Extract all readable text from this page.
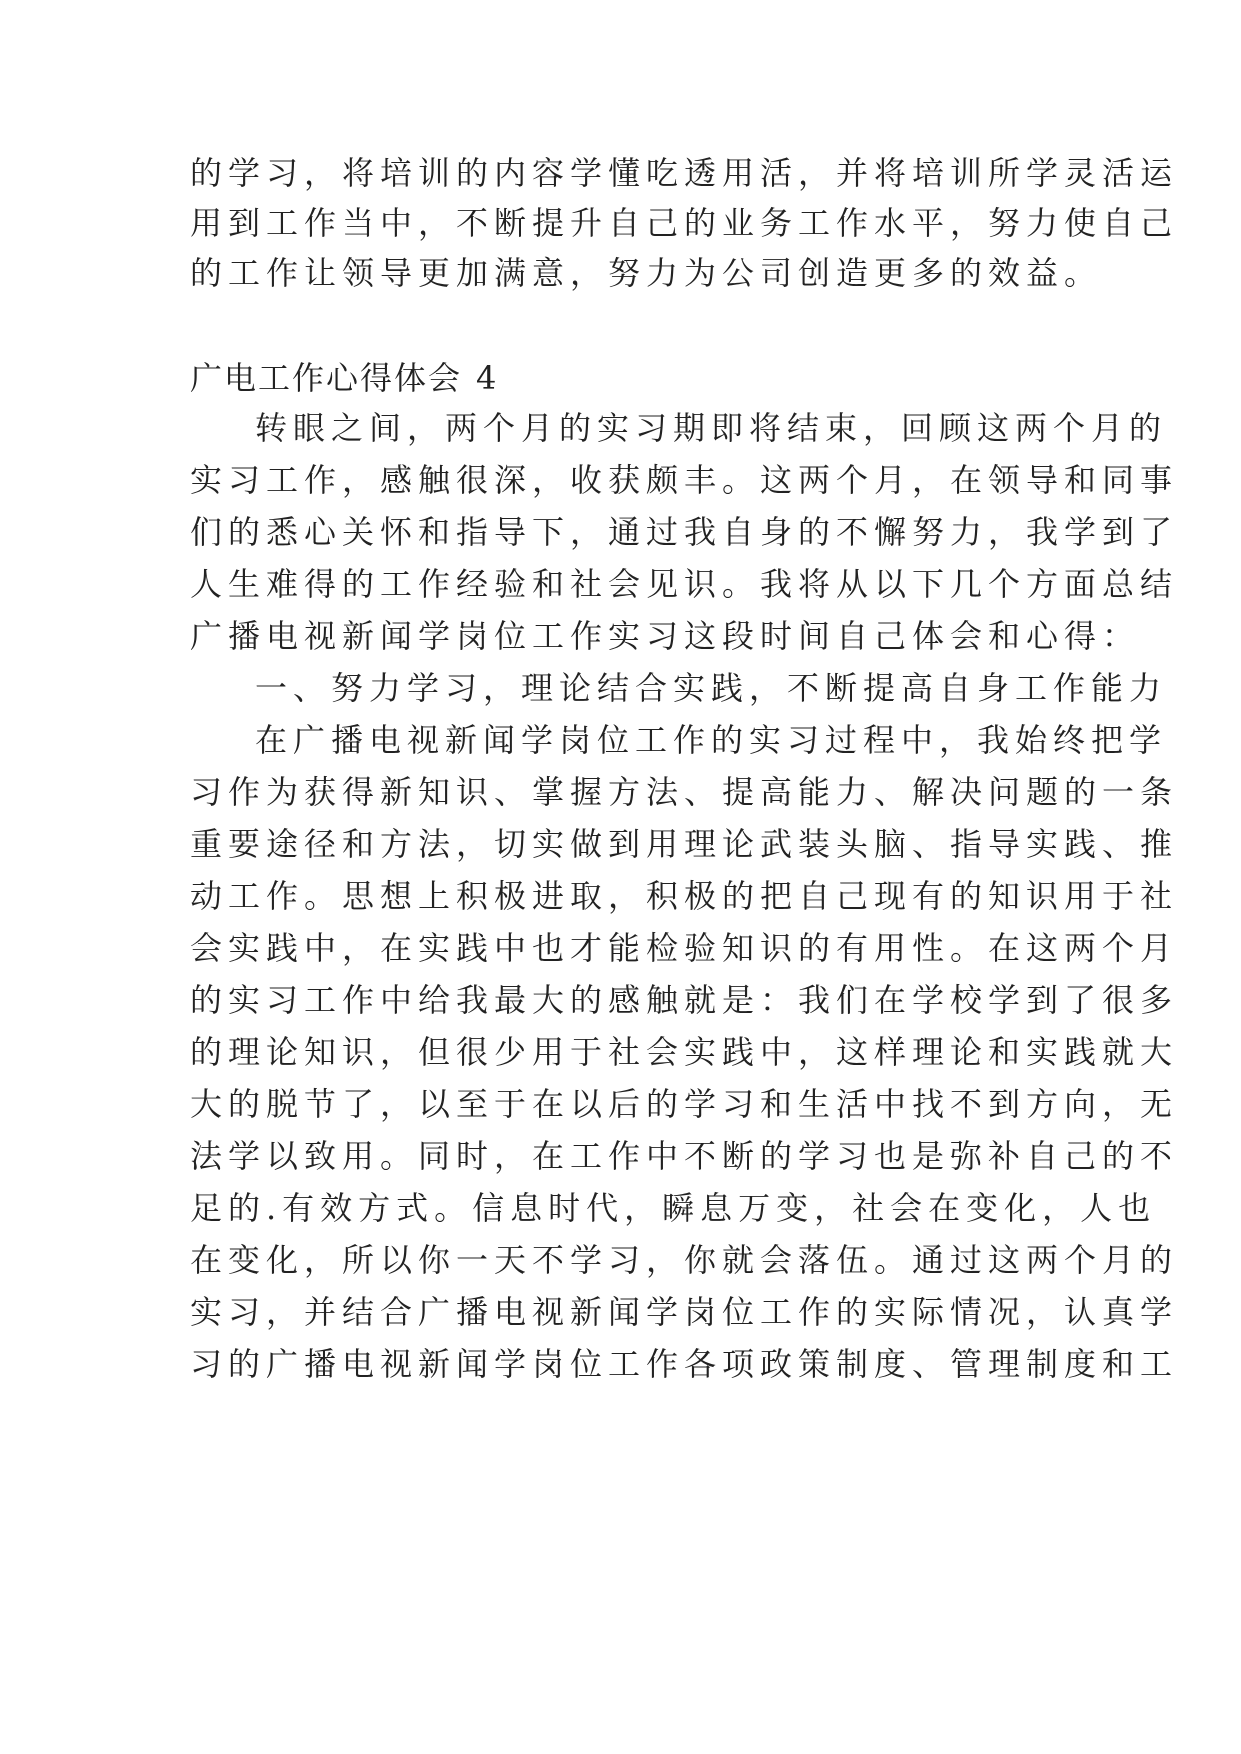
的学习，将培训的内容学懂吃透用活，并将培训所学灵活运
用到工作当中，不断提升自己的业务工作水平，努力使自己
的工作让领导更加满意，努力为公司创造更多的效益。
广电工作心得体会 4
转眼之间，两个月的实习期即将结束，回顾这两个月的
实习工作，感触很深，收获颇丰。这两个月，在领导和同事
们的悉心关怀和指导下，通过我自身的不懈努力，我学到了
人生难得的工作经验和社会见识。我将从以下几个方面总结
广播电视新闻学岗位工作实习这段时间自己体会和心得：
一、努力学习，理论结合实践，不断提高自身工作能力
在广播电视新闻学岗位工作的实习过程中，我始终把学
习作为获得新知识、掌握方法、提高能力、解决问题的一条
重要途径和方法，切实做到用理论武装头脑、指导实践、推
动工作。思想上积极进取，积极的把自己现有的知识用于社
会实践中，在实践中也才能检验知识的有用性。在这两个月
的实习工作中给我最大的感触就是：我们在学校学到了很多
的理论知识，但很少用于社会实践中，这样理论和实践就大
大的脱节了，以至于在以后的学习和生活中找不到方向，无
法学以致用。同时，在工作中不断的学习也是弥补自己的不
足的.有效方式。信息时代，瞬息万变，社会在变化，人也
在变化，所以你一天不学习，你就会落伍。通过这两个月的
实习，并结合广播电视新闻学岗位工作的实际情况，认真学
习的广播电视新闻学岗位工作各项政策制度、管理制度和工
